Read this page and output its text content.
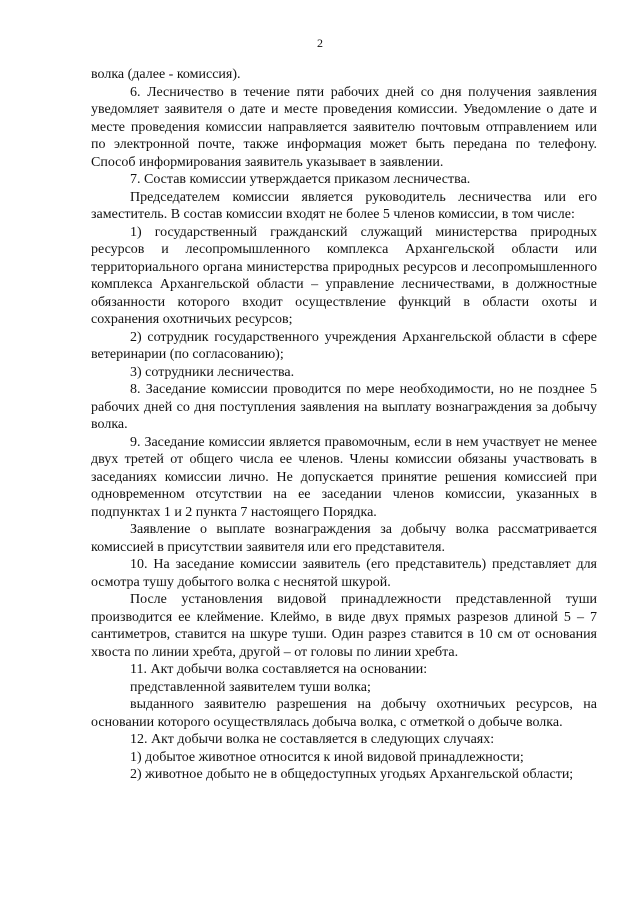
2

волка (далее - комиссия).

6. Лесничество в течение пяти рабочих дней со дня получения заявления уведомляет заявителя о дате и месте проведения комиссии. Уведомление о дате и месте проведения комиссии направляется заявителю почтовым отправлением или по электронной почте, также информация может быть передана по телефону. Способ информирования заявитель указывает в заявлении.

7. Состав комиссии утверждается приказом лесничества.

Председателем комиссии является руководитель лесничества или его заместитель. В состав комиссии входят не более 5 членов комиссии, в том числе:

1) государственный гражданский служащий министерства природных ресурсов и лесопромышленного комплекса Архангельской области или территориального органа министерства природных ресурсов и лесопромышленного комплекса Архангельской области – управление лесничествами, в должностные обязанности которого входит осуществление функций в области охоты и сохранения охотничьих ресурсов;

2) сотрудник государственного учреждения Архангельской области в сфере ветеринарии (по согласованию);

3) сотрудники лесничества.

8. Заседание комиссии проводится по мере необходимости, но не позднее 5 рабочих дней со дня поступления заявления на выплату вознаграждения за добычу волка.

9. Заседание комиссии является правомочным, если в нем участвует не менее двух третей от общего числа ее членов. Члены комиссии обязаны участвовать в заседаниях комиссии лично. Не допускается принятие решения комиссией при одновременном отсутствии на ее заседании членов комиссии, указанных в подпунктах 1 и 2 пункта 7 настоящего Порядка.

Заявление о выплате вознаграждения за добычу волка рассматривается комиссией в присутствии заявителя или его представителя.

10. На заседание комиссии заявитель (его представитель) представляет для осмотра тушу добытого волка с неснятой шкурой.

После установления видовой принадлежности представленной туши производится ее клеймение. Клеймо, в виде двух прямых разрезов длиной 5 – 7 сантиметров, ставится на шкуре туши. Один разрез ставится в 10 см от основания хвоста по линии хребта, другой – от головы по линии хребта.

11. Акт добычи волка составляется на основании:

представленной заявителем туши волка;

выданного заявителю разрешения на добычу охотничьих ресурсов, на основании которого осуществлялась добыча волка, с отметкой о добыче волка.

12. Акт добычи волка не составляется в следующих случаях:

1) добытое животное относится к иной видовой принадлежности;

2) животное добыто не в общедоступных угодьях Архангельской области;
